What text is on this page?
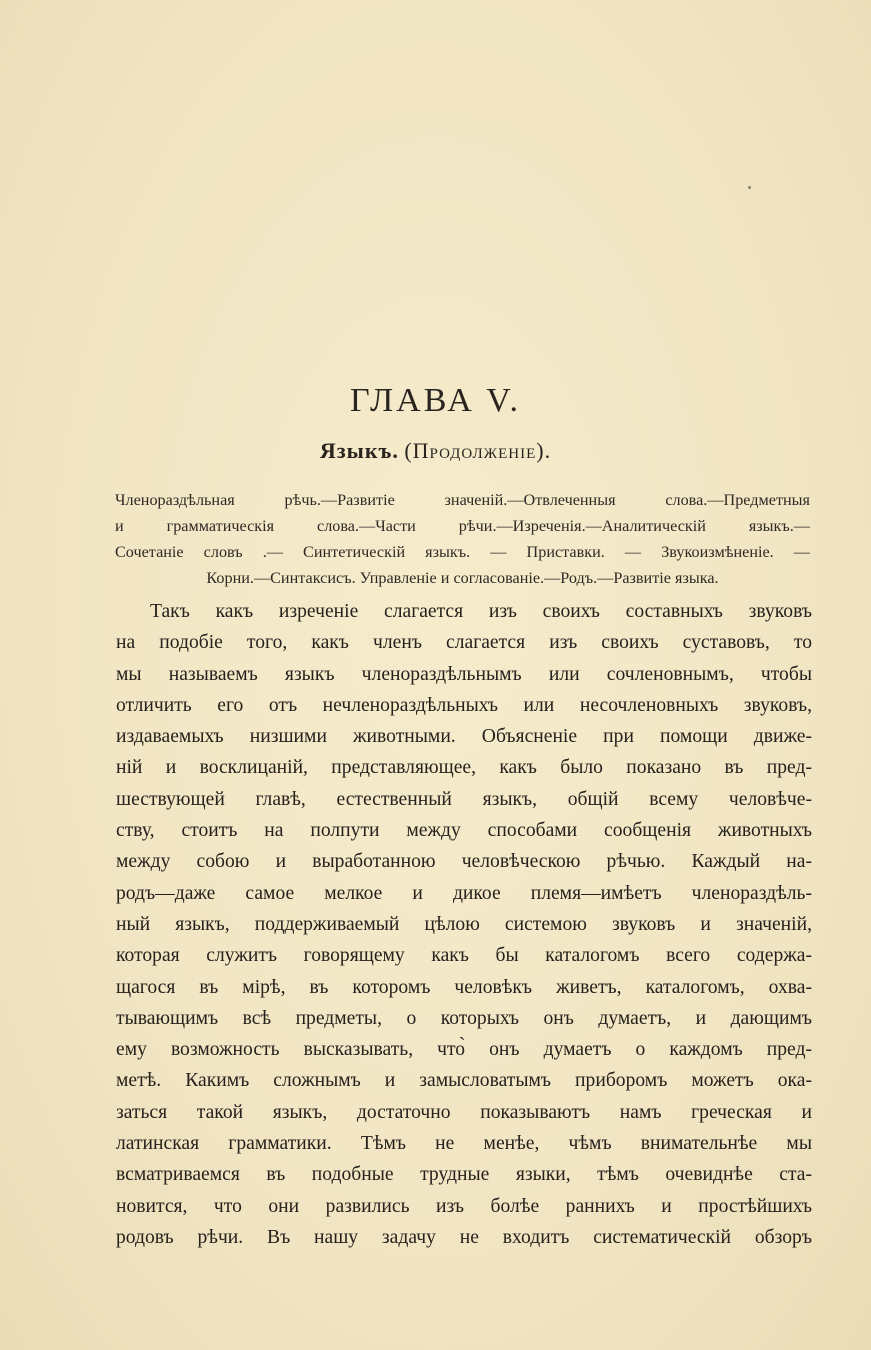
ГЛАВА V.
Языкъ. (Продолженіе).
Членораздѣльная рѣчь.—Развитіе значеній.—Отвлеченныя слова.—Предметныя
и грамматическія слова.—Части рѣчи.—Изреченія.—Аналитическій языкъ.—
Сочетаніе словъ .— Синтетическій языкъ. — Приставки. — Звукоизмѣненіе. —
Корни.—Синтаксисъ. Управленіе и согласованіе.—Родъ.—Развитіе языка.
Такъ какъ изреченіе слагается изъ своихъ составныхъ звуковъ
на подобіе того, какъ членъ слагается изъ своихъ суставовъ, то
мы называемъ языкъ членораздѣльнымъ или сочленовнымъ, чтобы
отличить его отъ нечленораздѣльныхъ или несочленовныхъ звуковъ,
издаваемыхъ низшими животными. Объясненіе при помощи движе-
ній и восклицаній, представляющее, какъ было показано въ пред-
шествующей главѣ, естественный языкъ, общій всему человѣче-
ству, стоитъ на полпути между способами сообщенія животныхъ
между собою и выработанною человѣческою рѣчью. Каждый на-
родъ—даже самое мелкое и дикое племя—имѣетъ членораздѣль-
ный языкъ, поддерживаемый цѣлою системою звуковъ и значеній,
которая служитъ говорящему какъ бы каталогомъ всего содержа-
щагося въ мірѣ, въ которомъ человѣкъ живетъ, каталогомъ, охва-
тывающимъ всѣ предметы, о которыхъ онъ думаетъ, и дающимъ
ему возможность высказывать, что̀ онъ думаетъ о каждомъ пред-
метѣ. Какимъ сложнымъ и замысловатымъ приборомъ можетъ ока-
заться такой языкъ, достаточно показываютъ намъ греческая и
латинская грамматики. Тѣмъ не менѣе, чѣмъ внимательнѣе мы
всматриваемся въ подобные трудные языки, тѣмъ очевиднѣе ста-
новится, что они развились изъ болѣе раннихъ и простѣйшихъ
родовъ рѣчи. Въ нашу задачу не входитъ систематическій обзоръ
